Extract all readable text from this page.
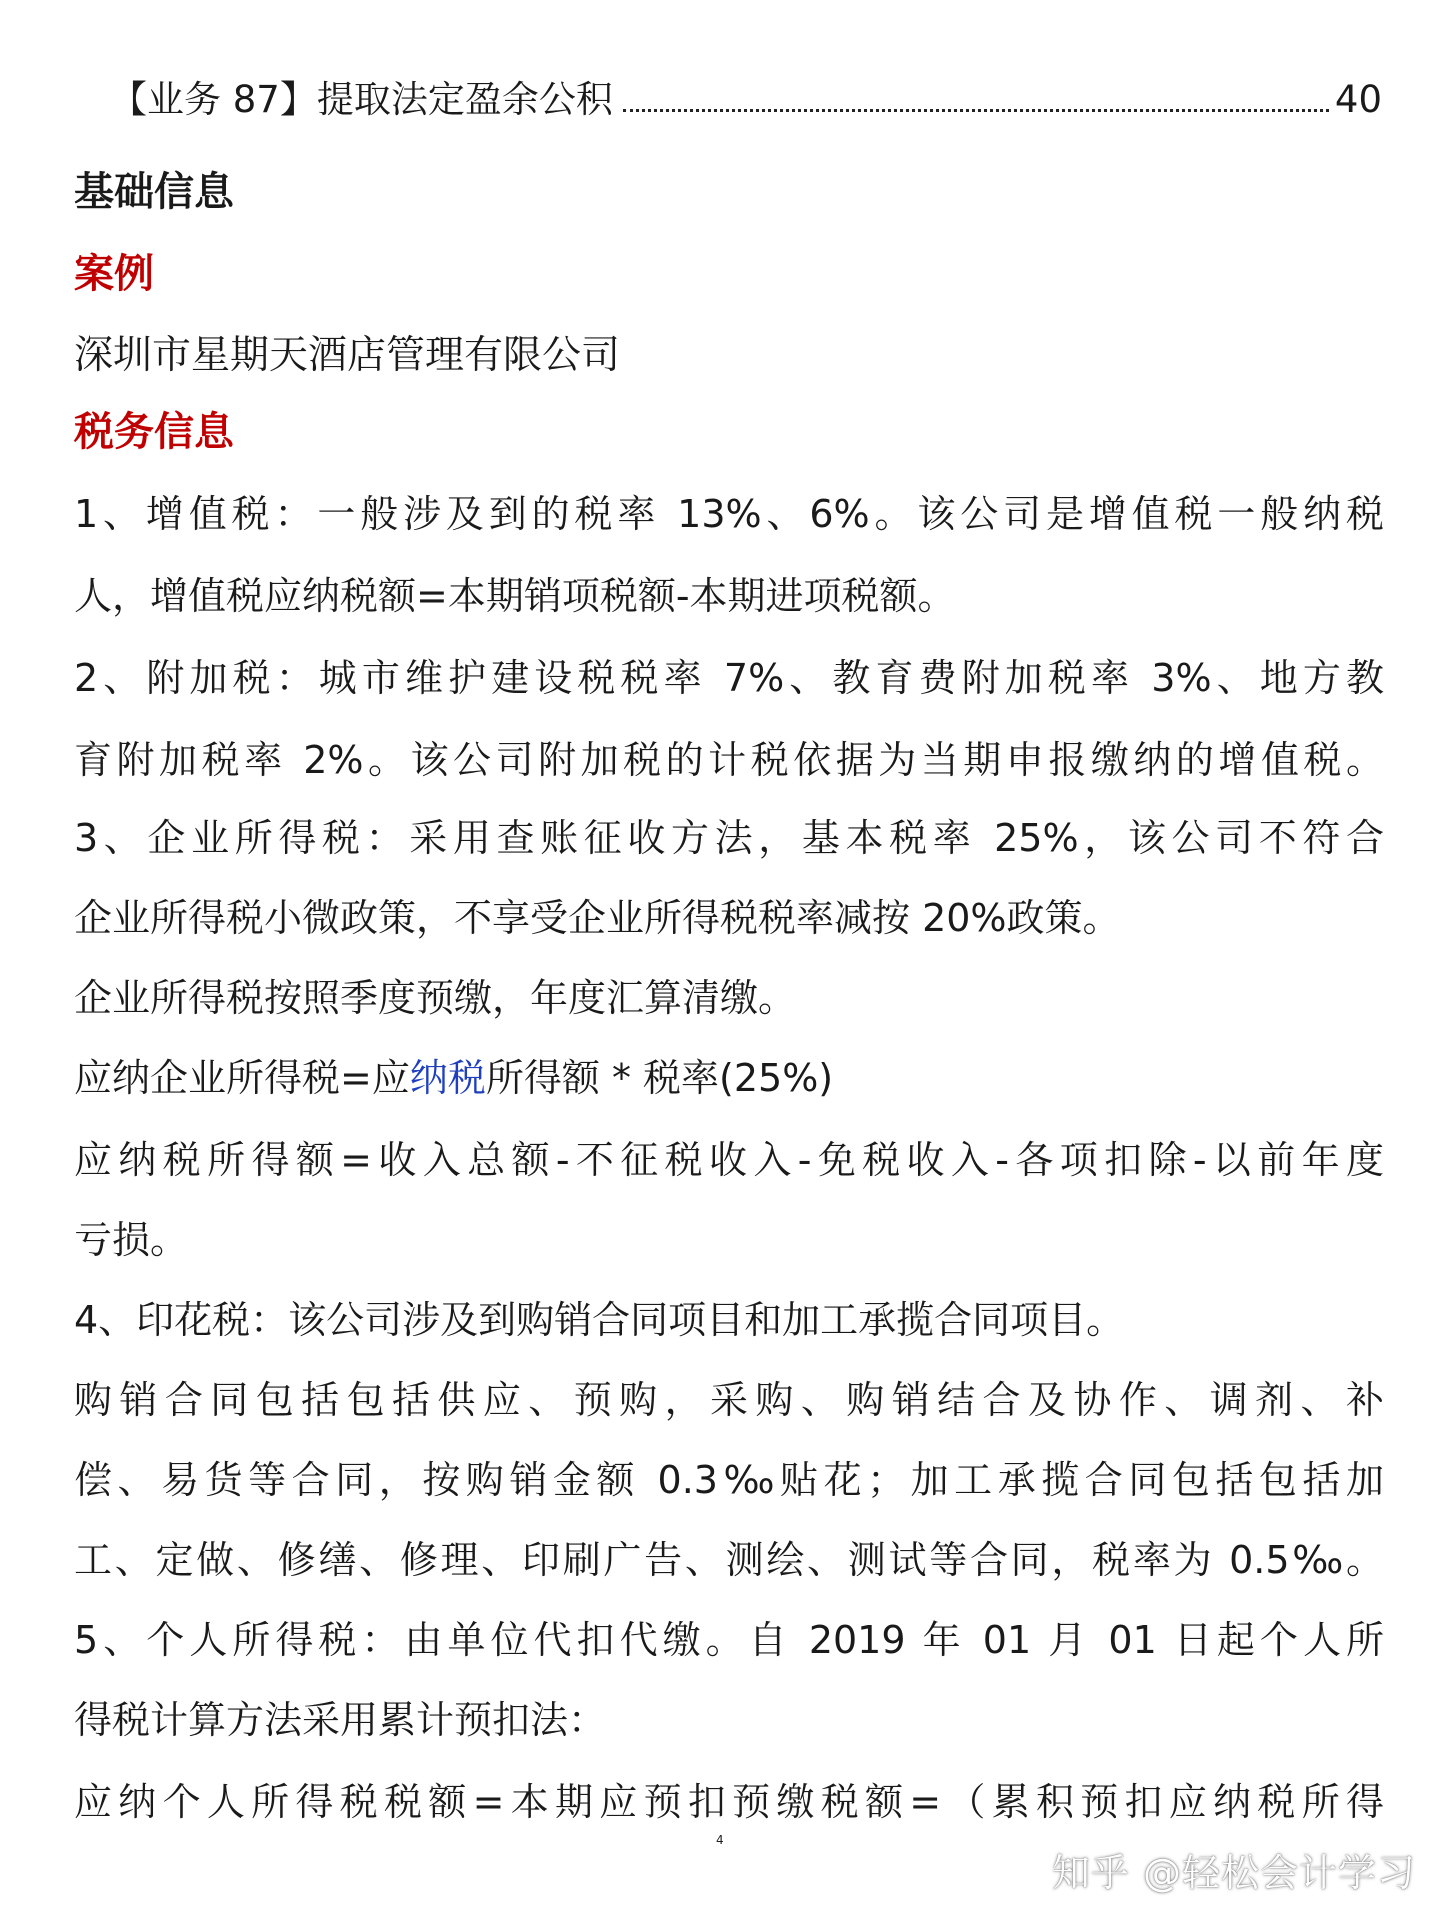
【业务 87】提取法定盈余公积	40
基础信息
案例
深圳市星期天酒店管理有限公司
税务信息
1、增值税：一般涉及到的税率 13%、6%。该公司是增值税一般纳税
人，增值税应纳税额=本期销项税额-本期进项税额。
2、附加税：城市维护建设税税率 7%、教育费附加税率 3%、地方教
育附加税率 2%。该公司附加税的计税依据为当期申报缴纳的增值税。
3、企业所得税：采用查账征收方法，基本税率 25%，该公司不符合
企业所得税小微政策，不享受企业所得税税率减按 20%政策。
企业所得税按照季度预缴，年度汇算清缴。
应纳企业所得税=应纳税所得额 * 税率(25%)
应纳税所得额=收入总额-不征税收入-免税收入-各项扣除-以前年度
亏损。
4、印花税：该公司涉及到购销合同项目和加工承揽合同项目。
购销合同包括包括供应、预购，采购、购销结合及协作、调剂、补
偿、易货等合同，按购销金额 0.3‰贴花；加工承揽合同包括包括加
工、定做、修缮、修理、印刷广告、测绘、测试等合同，税率为 0.5‰。
5、个人所得税：由单位代扣代缴。自 2019 年 01 月 01 日起个人所
得税计算方法采用累计预扣法：
应纳个人所得税税额=本期应预扣预缴税额=（累积预扣应纳税所得
4
知乎 @轻松会计学习
